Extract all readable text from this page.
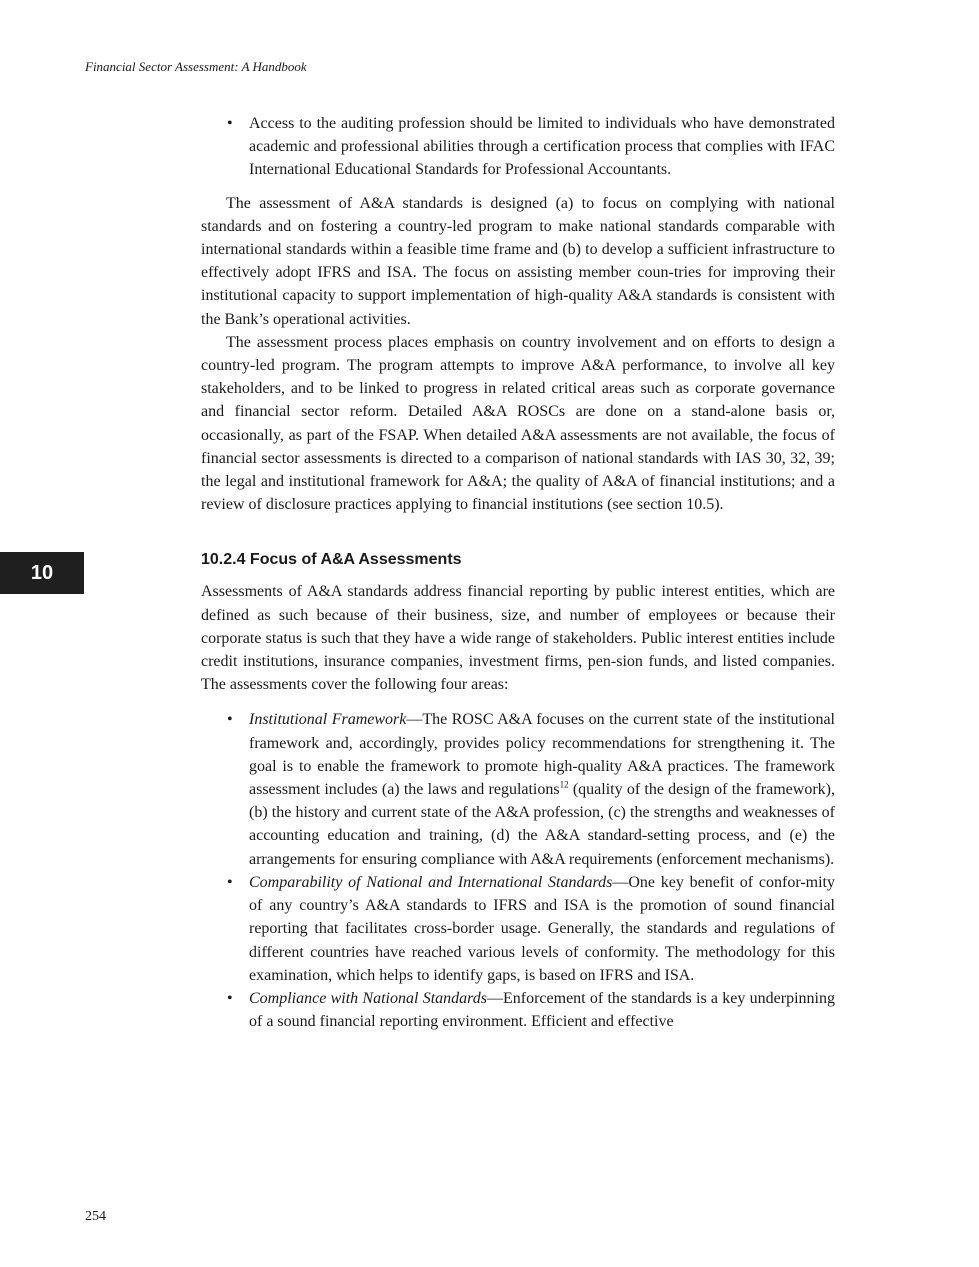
Financial Sector Assessment: A Handbook
10
• Access to the auditing profession should be limited to individuals who have demonstrated academic and professional abilities through a certification process that complies with IFAC International Educational Standards for Professional Accountants.

The assessment of A&A standards is designed (a) to focus on complying with national standards and on fostering a country-led program to make national standards comparable with international standards within a feasible time frame and (b) to develop a sufficient infrastructure to effectively adopt IFRS and ISA. The focus on assisting member coun-tries for improving their institutional capacity to support implementation of high-quality A&A standards is consistent with the Bank’s operational activities.

The assessment process places emphasis on country involvement and on efforts to design a country-led program. The program attempts to improve A&A performance, to involve all key stakeholders, and to be linked to progress in related critical areas such as corporate governance and financial sector reform. Detailed A&A ROSCs are done on a stand-alone basis or, occasionally, as part of the FSAP. When detailed A&A assessments are not available, the focus of financial sector assessments is directed to a comparison of national standards with IAS 30, 32, 39; the legal and institutional framework for A&A; the quality of A&A of financial institutions; and a review of disclosure practices applying to financial institutions (see section 10.5).

10.2.4 Focus of A&A Assessments

Assessments of A&A standards address financial reporting by public interest entities, which are defined as such because of their business, size, and number of employees or because their corporate status is such that they have a wide range of stakeholders. Public interest entities include credit institutions, insurance companies, investment firms, pen-sion funds, and listed companies. The assessments cover the following four areas:

• Institutional Framework—The ROSC A&A focuses on the current state of the institutional framework and, accordingly, provides policy recommendations for strengthening it. The goal is to enable the framework to promote high-quality A&A practices. The framework assessment includes (a) the laws and regulations$^{12}$ (quality of the design of the framework), (b) the history and current state of the A&A profession, (c) the strengths and weaknesses of accounting education and training, (d) the A&A standard-setting process, and (e) the arrangements for ensuring compliance with A&A requirements (enforcement mechanisms).
• Comparability of National and International Standards—One key benefit of confor-mity of any country’s A&A standards to IFRS and ISA is the promotion of sound financial reporting that facilitates cross-border usage. Generally, the standards and regulations of different countries have reached various levels of conformity. The methodology for this examination, which helps to identify gaps, is based on IFRS and ISA.
• Compliance with National Standards—Enforcement of the standards is a key underpinning of a sound financial reporting environment. Efficient and effective
254
